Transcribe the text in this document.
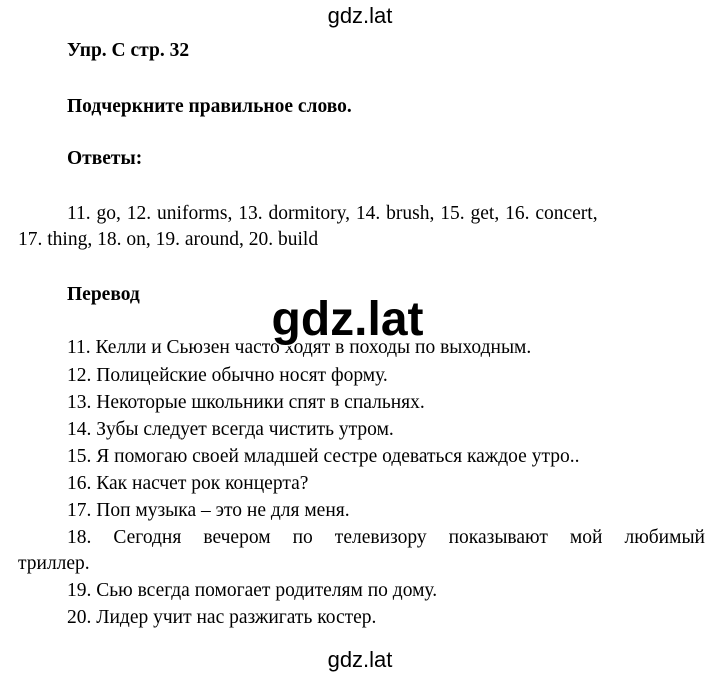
gdz.lat
Упр. C стр. 32
Подчеркните правильное слово.
Ответы:
11. go, 12. uniforms, 13. dormitory, 14. brush, 15. get, 16. concert,
17. thing, 18. on, 19. around, 20. build
Перевод	gdz.lat
11. Келли и Сьюзен часто ходят в походы по выходным.
12. Полицейские обычно носят форму.
13. Некоторые школьники спят в спальнях.
14. Зубы следует всегда чистить утром.
15. Я помогаю своей младшей сестре одеваться каждое утро..
16. Как насчет рок концерта?
17. Поп музыка – это не для меня.
18. Сегодня вечером по телевизору показывают мой любимый
триллер.
19. Сью всегда помогает родителям по дому.
20. Лидер учит нас разжигать костер.
gdz.lat
